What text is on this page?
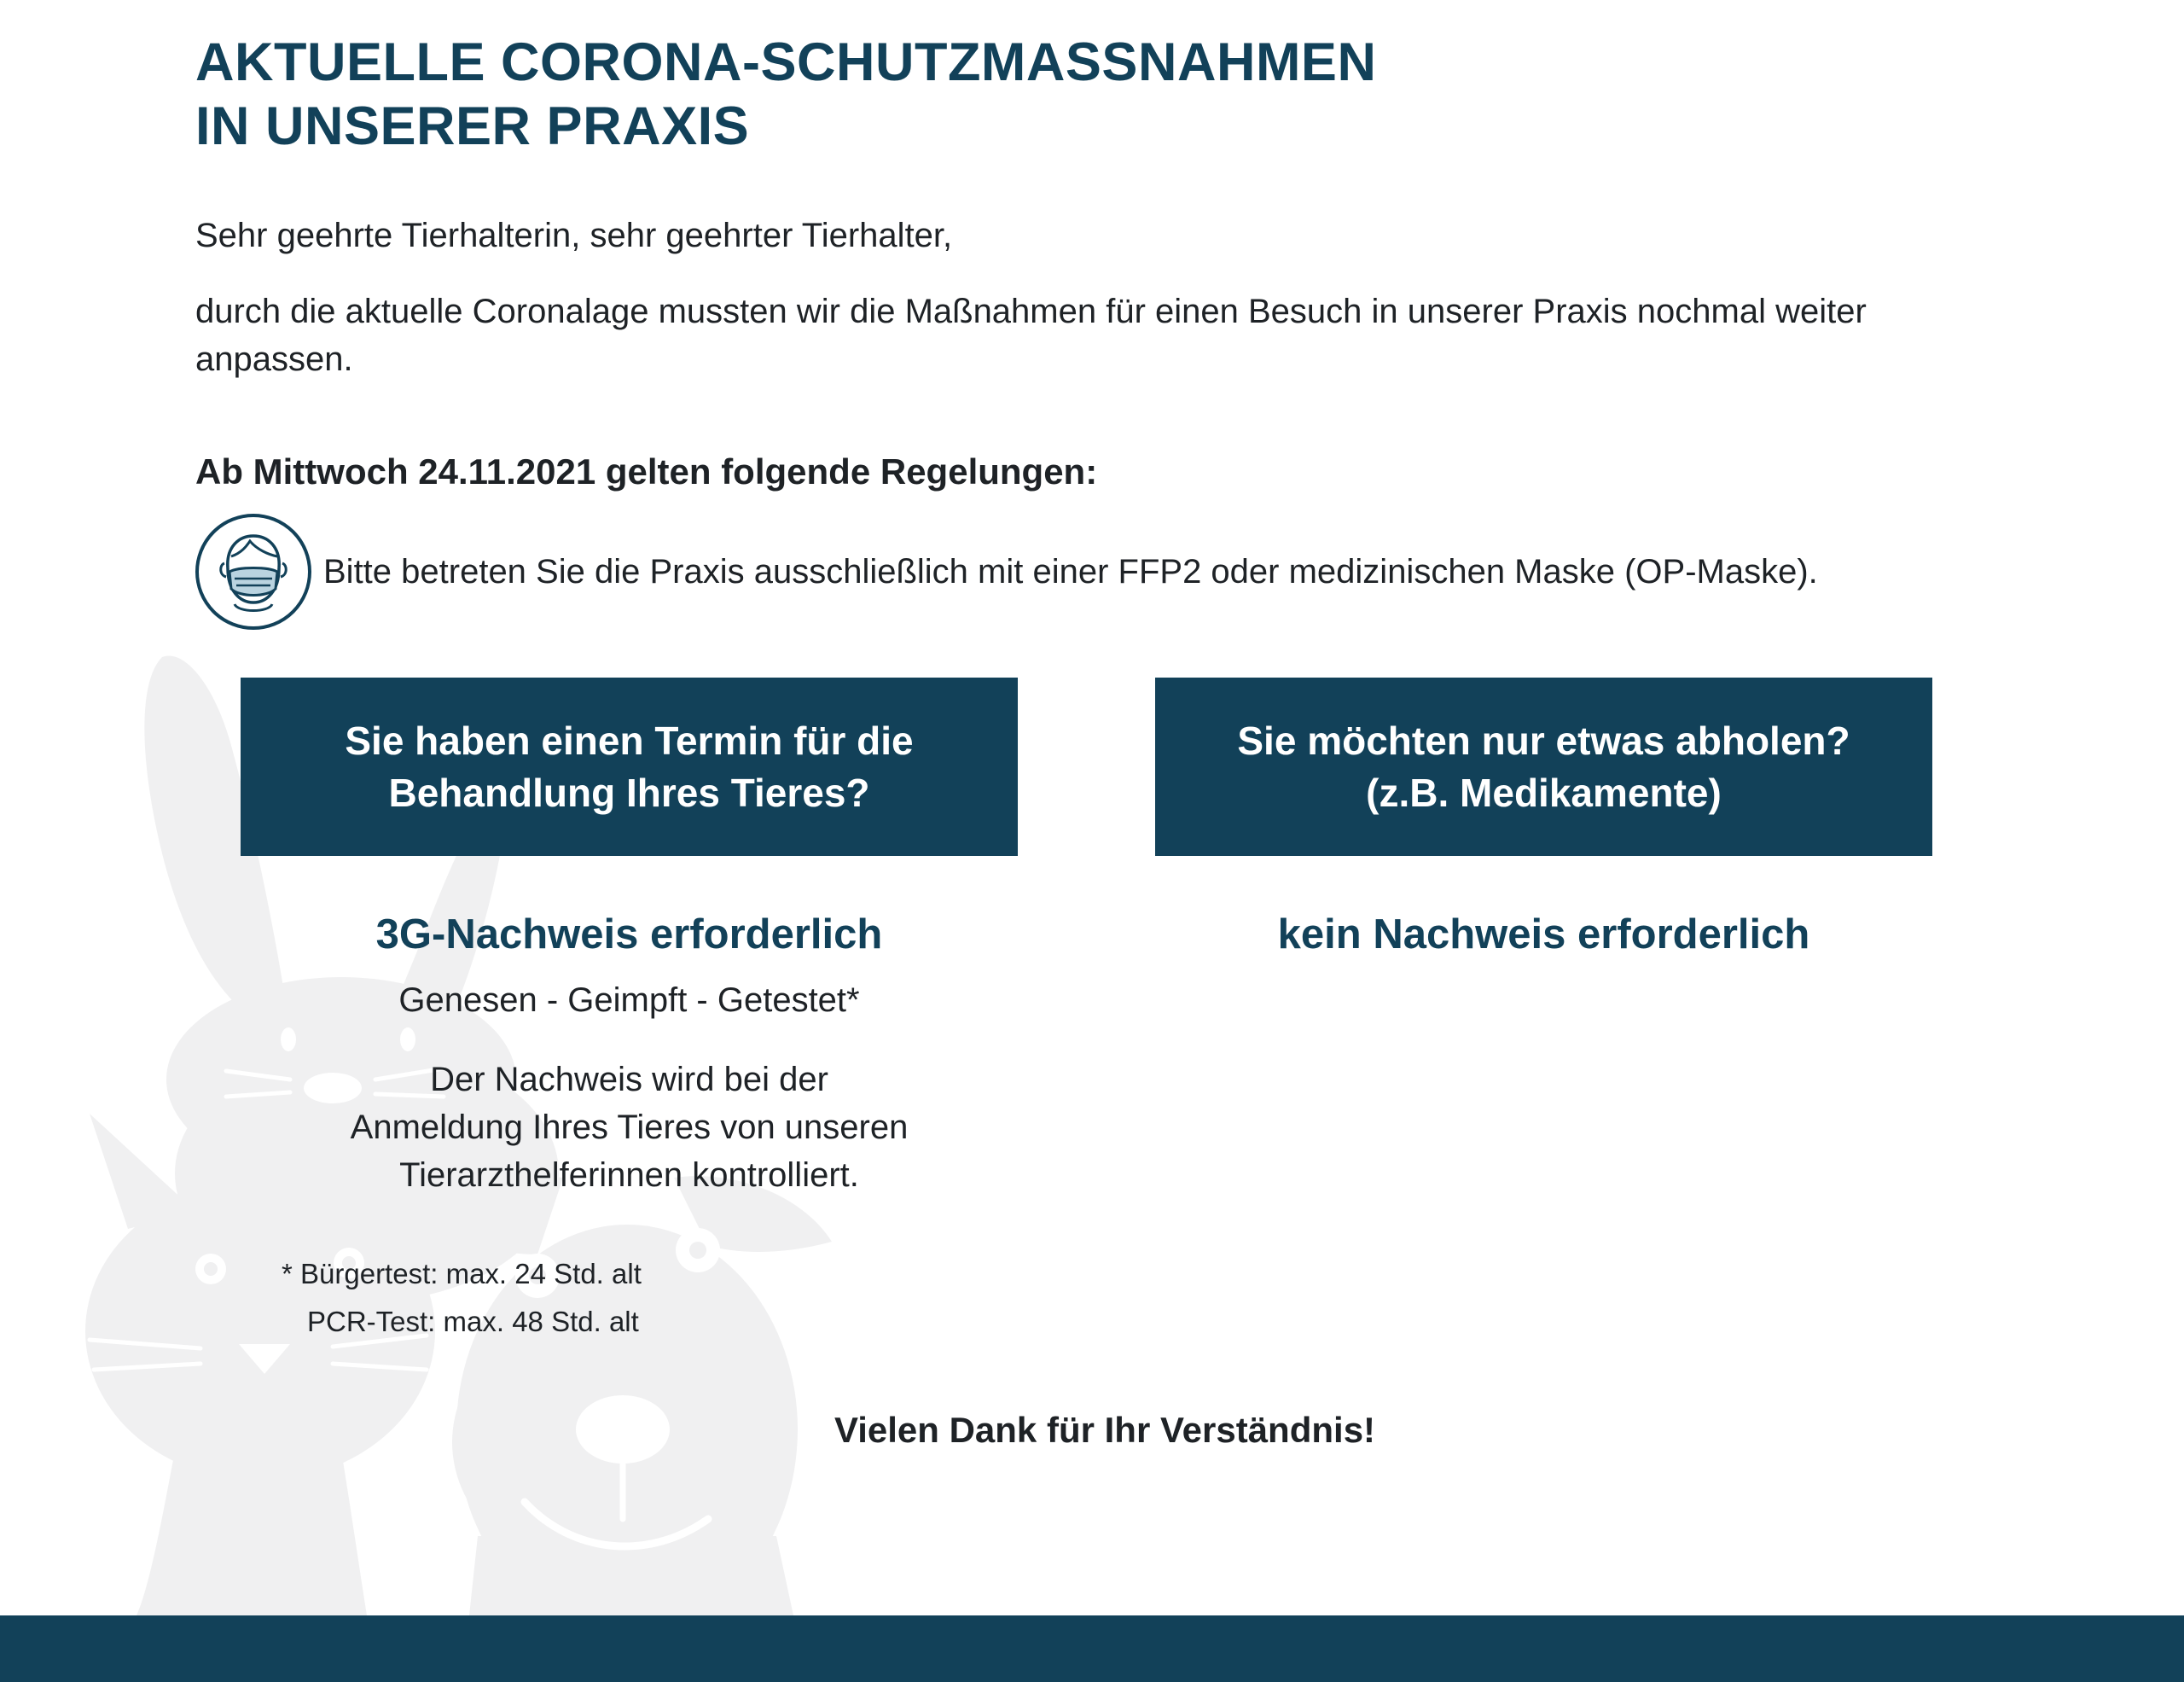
AKTUELLE CORONA-SCHUTZMASSNAHMEN
IN UNSERER PRAXIS

Sehr geehrte Tierhalterin, sehr geehrter Tierhalter,

durch die aktuelle Coronalage mussten wir die Maßnahmen für einen Besuch in unserer Praxis nochmal weiter anpassen.

Ab Mittwoch 24.11.2021 gelten folgende Regelungen:

Bitte betreten Sie die Praxis ausschließlich mit einer FFP2 oder medizinischen Maske (OP-Maske).
Sie haben einen Termin für die
Behandlung Ihres Tieres?
Sie möchten nur etwas abholen?
(z.B. Medikamente)

3G-Nachweis erforderlich	kein Nachweis erforderlich

Genesen - Geimpft - Getestet*

Der Nachweis wird bei der
Anmeldung Ihres Tieres von unseren
Tierarzthelferinnen kontrolliert.

* Bürgertest: max. 24 Std. alt
PCR-Test: max. 48 Std. alt

Vielen Dank für Ihr Verständnis!
